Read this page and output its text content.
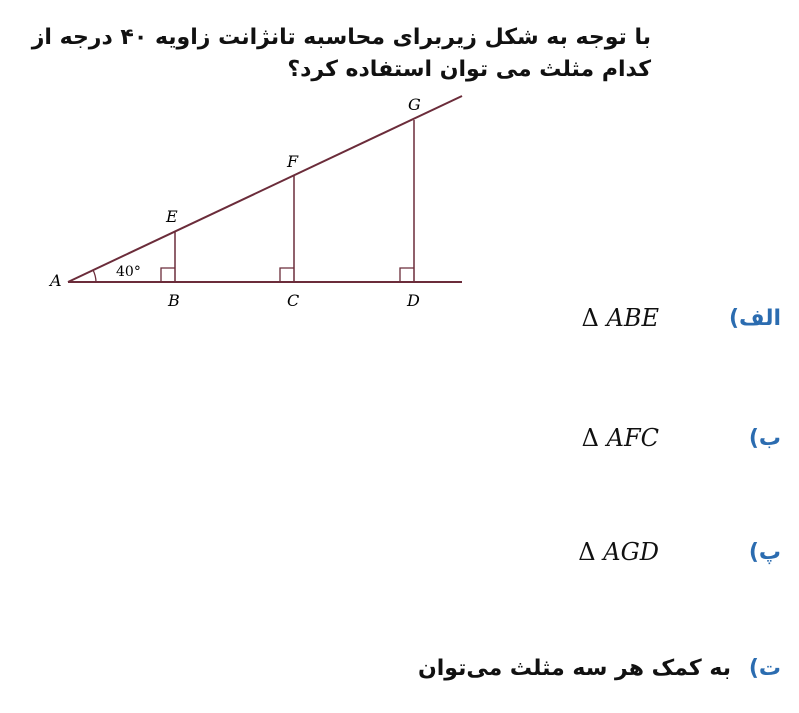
با توجه به شکل زیربرای محاسبه تانژانت زاویه ۴۰ درجه از کدام مثلث می توان استفاده کرد؟

40°
A
B	C	D
E
F
G
الف)
Δ ABE
ب)
Δ AFC
پ)
Δ AGD
ت)
به کمک هر سه مثلث می‌توان
